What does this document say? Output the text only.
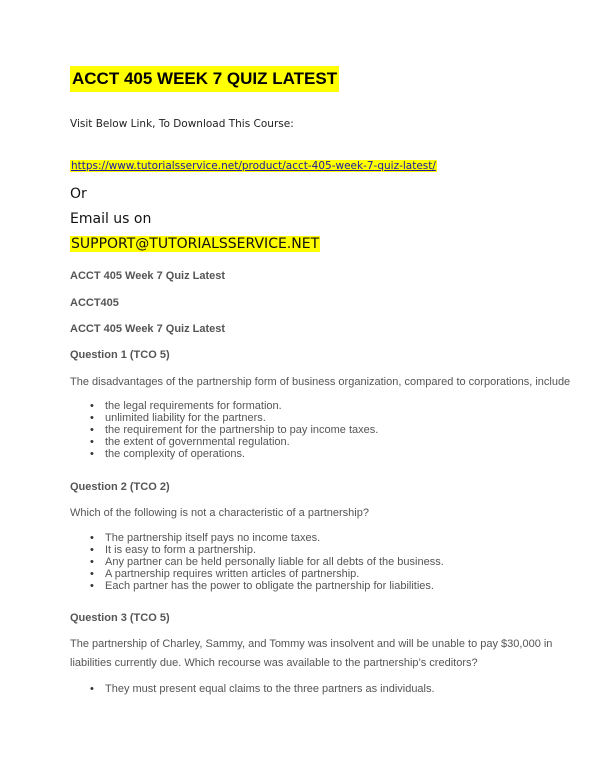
ACCT 405 WEEK 7 QUIZ LATEST
Visit Below Link, To Download This Course:
https://www.tutorialsservice.net/product/acct-405-week-7-quiz-latest/
Or
Email us on
SUPPORT@TUTORIALSSERVICE.NET
ACCT 405 Week 7 Quiz Latest
ACCT405
ACCT 405 Week 7 Quiz Latest
Question 1 (TCO 5)
The disadvantages of the partnership form of business organization, compared to corporations, include
• the legal requirements for formation.
• unlimited liability for the partners.
• the requirement for the partnership to pay income taxes.
• the extent of governmental regulation.
• the complexity of operations.
Question 2 (TCO 2)
Which of the following is not a characteristic of a partnership?
• The partnership itself pays no income taxes.
• It is easy to form a partnership.
• Any partner can be held personally liable for all debts of the business.
• A partnership requires written articles of partnership.
• Each partner has the power to obligate the partnership for liabilities.
Question 3 (TCO 5)
The partnership of Charley, Sammy, and Tommy was insolvent and will be unable to pay $30,000 in
liabilities currently due. Which recourse was available to the partnership’s creditors?
• They must present equal claims to the three partners as individuals.
